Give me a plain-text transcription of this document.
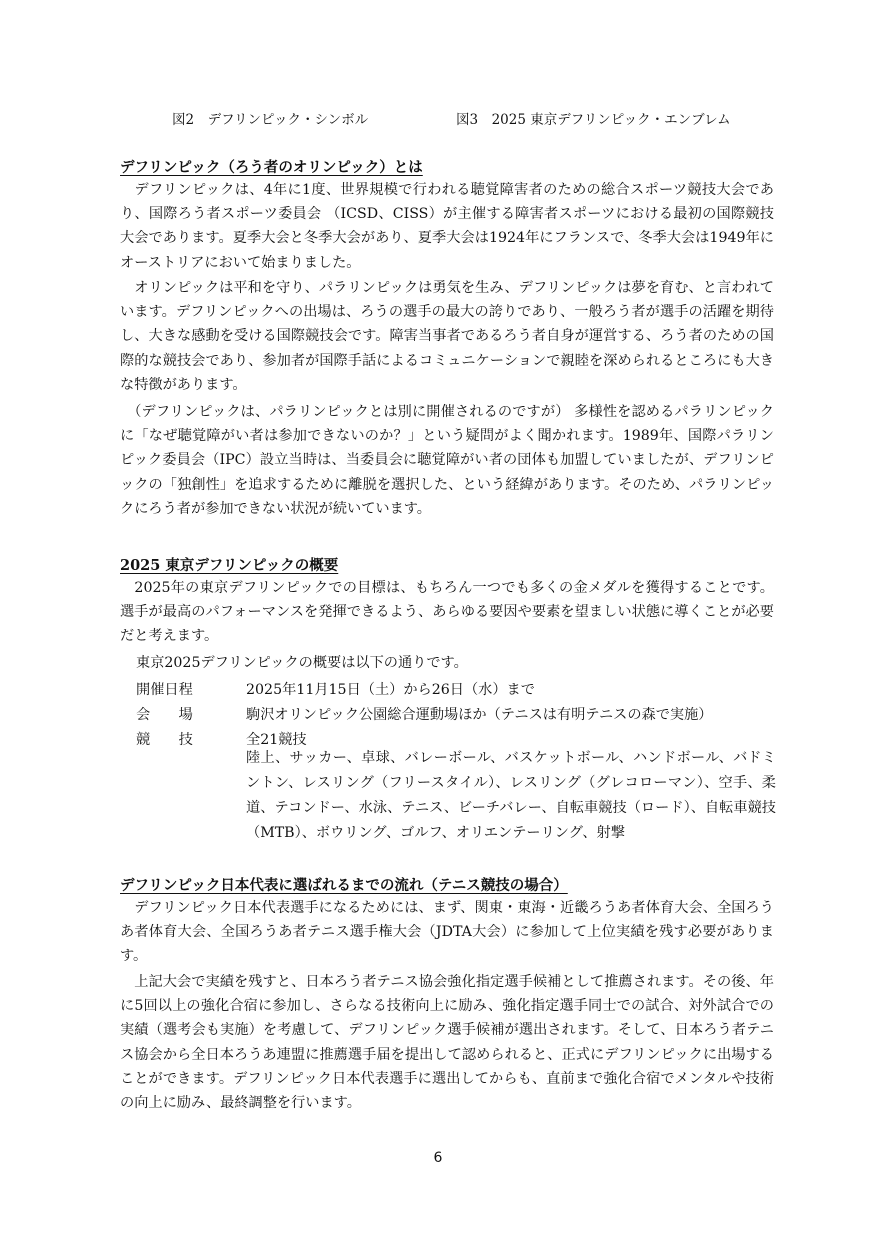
図2　デフリンピック・シンボル	図3　2025 東京デフリンピック・エンブレム
デフリンピック（ろう者のオリンピック）とは

　デフリンピックは、4年に1度、世界規模で行われる聴覚障害者のための総合スポーツ競技大会であり、国際ろう者スポーツ委員会 （ICSD、CISS）が主催する障害者スポーツにおける最初の国際競技大会であります。夏季大会と冬季大会があり、夏季大会は1924年にフランスで、冬季大会は1949年にオーストリアにおいて始まりました。

　オリンピックは平和を守り、パラリンピックは勇気を生み、デフリンピックは夢を育む、と言われています。デフリンピックへの出場は、ろうの選手の最大の誇りであり、一般ろう者が選手の活躍を期待し、大きな感動を受ける国際競技会です。障害当事者であるろう者自身が運営する、ろう者のための国際的な競技会であり、参加者が国際手話によるコミュニケーションで親睦を深められるところにも大きな特徴があります。

　（デフリンピックは、パラリンピックとは別に開催されるのですが） 多様性を認めるパラリンピックに「なぜ聴覚障がい者は参加できないのか？」という疑問がよく聞かれます。1989年、国際パラリンピック委員会（IPC）設立当時は、当委員会に聴覚障がい者の団体も加盟していましたが、デフリンピックの「独創性」を追求するために離脱を選択した、という経緯があります。そのため、パラリンピックにろう者が参加できない状況が続いています。

2025 東京デフリンピックの概要

　2025年の東京デフリンピックでの目標は、もちろん一つでも多くの金メダルを獲得することです。選手が最高のパフォーマンスを発揮できるよう、あらゆる要因や要素を望ましい状態に導くことが必要だと考えます。

東京2025デフリンピックの概要は以下の通りです。
開催日程	2025年11月15日（土）から26日（水）まで
会　　場	駒沢オリンピック公園総合運動場ほか（テニスは有明テニスの森で実施）
競　　技	全21競技

陸上、サッカー、卓球、バレーボール、バスケットボール、ハンドボール、バドミントン、レスリング（フリースタイル）、レスリング（グレコローマン）、空手、柔道、テコンドー、水泳、テニス、ビーチバレー、自転車競技（ロード）、自転車競技（MTB）、ボウリング、ゴルフ、オリエンテーリング、射撃

デフリンピック日本代表に選ばれるまでの流れ（テニス競技の場合）

　デフリンピック日本代表選手になるためには、まず、関東・東海・近畿ろうあ者体育大会、全国ろうあ者体育大会、全国ろうあ者テニス選手権大会（JDTA大会）に参加して上位実績を残す必要があります。

　上記大会で実績を残すと、日本ろう者テニス協会強化指定選手候補として推薦されます。その後、年に5回以上の強化合宿に参加し、さらなる技術向上に励み、強化指定選手同士での試合、対外試合での実績（選考会も実施）を考慮して、デフリンピック選手候補が選出されます。そして、日本ろう者テニス協会から全日本ろうあ連盟に推薦選手届を提出して認められると、正式にデフリンピックに出場することができます。デフリンピック日本代表選手に選出してからも、直前まで強化合宿でメンタルや技術の向上に励み、最終調整を行います。

6
